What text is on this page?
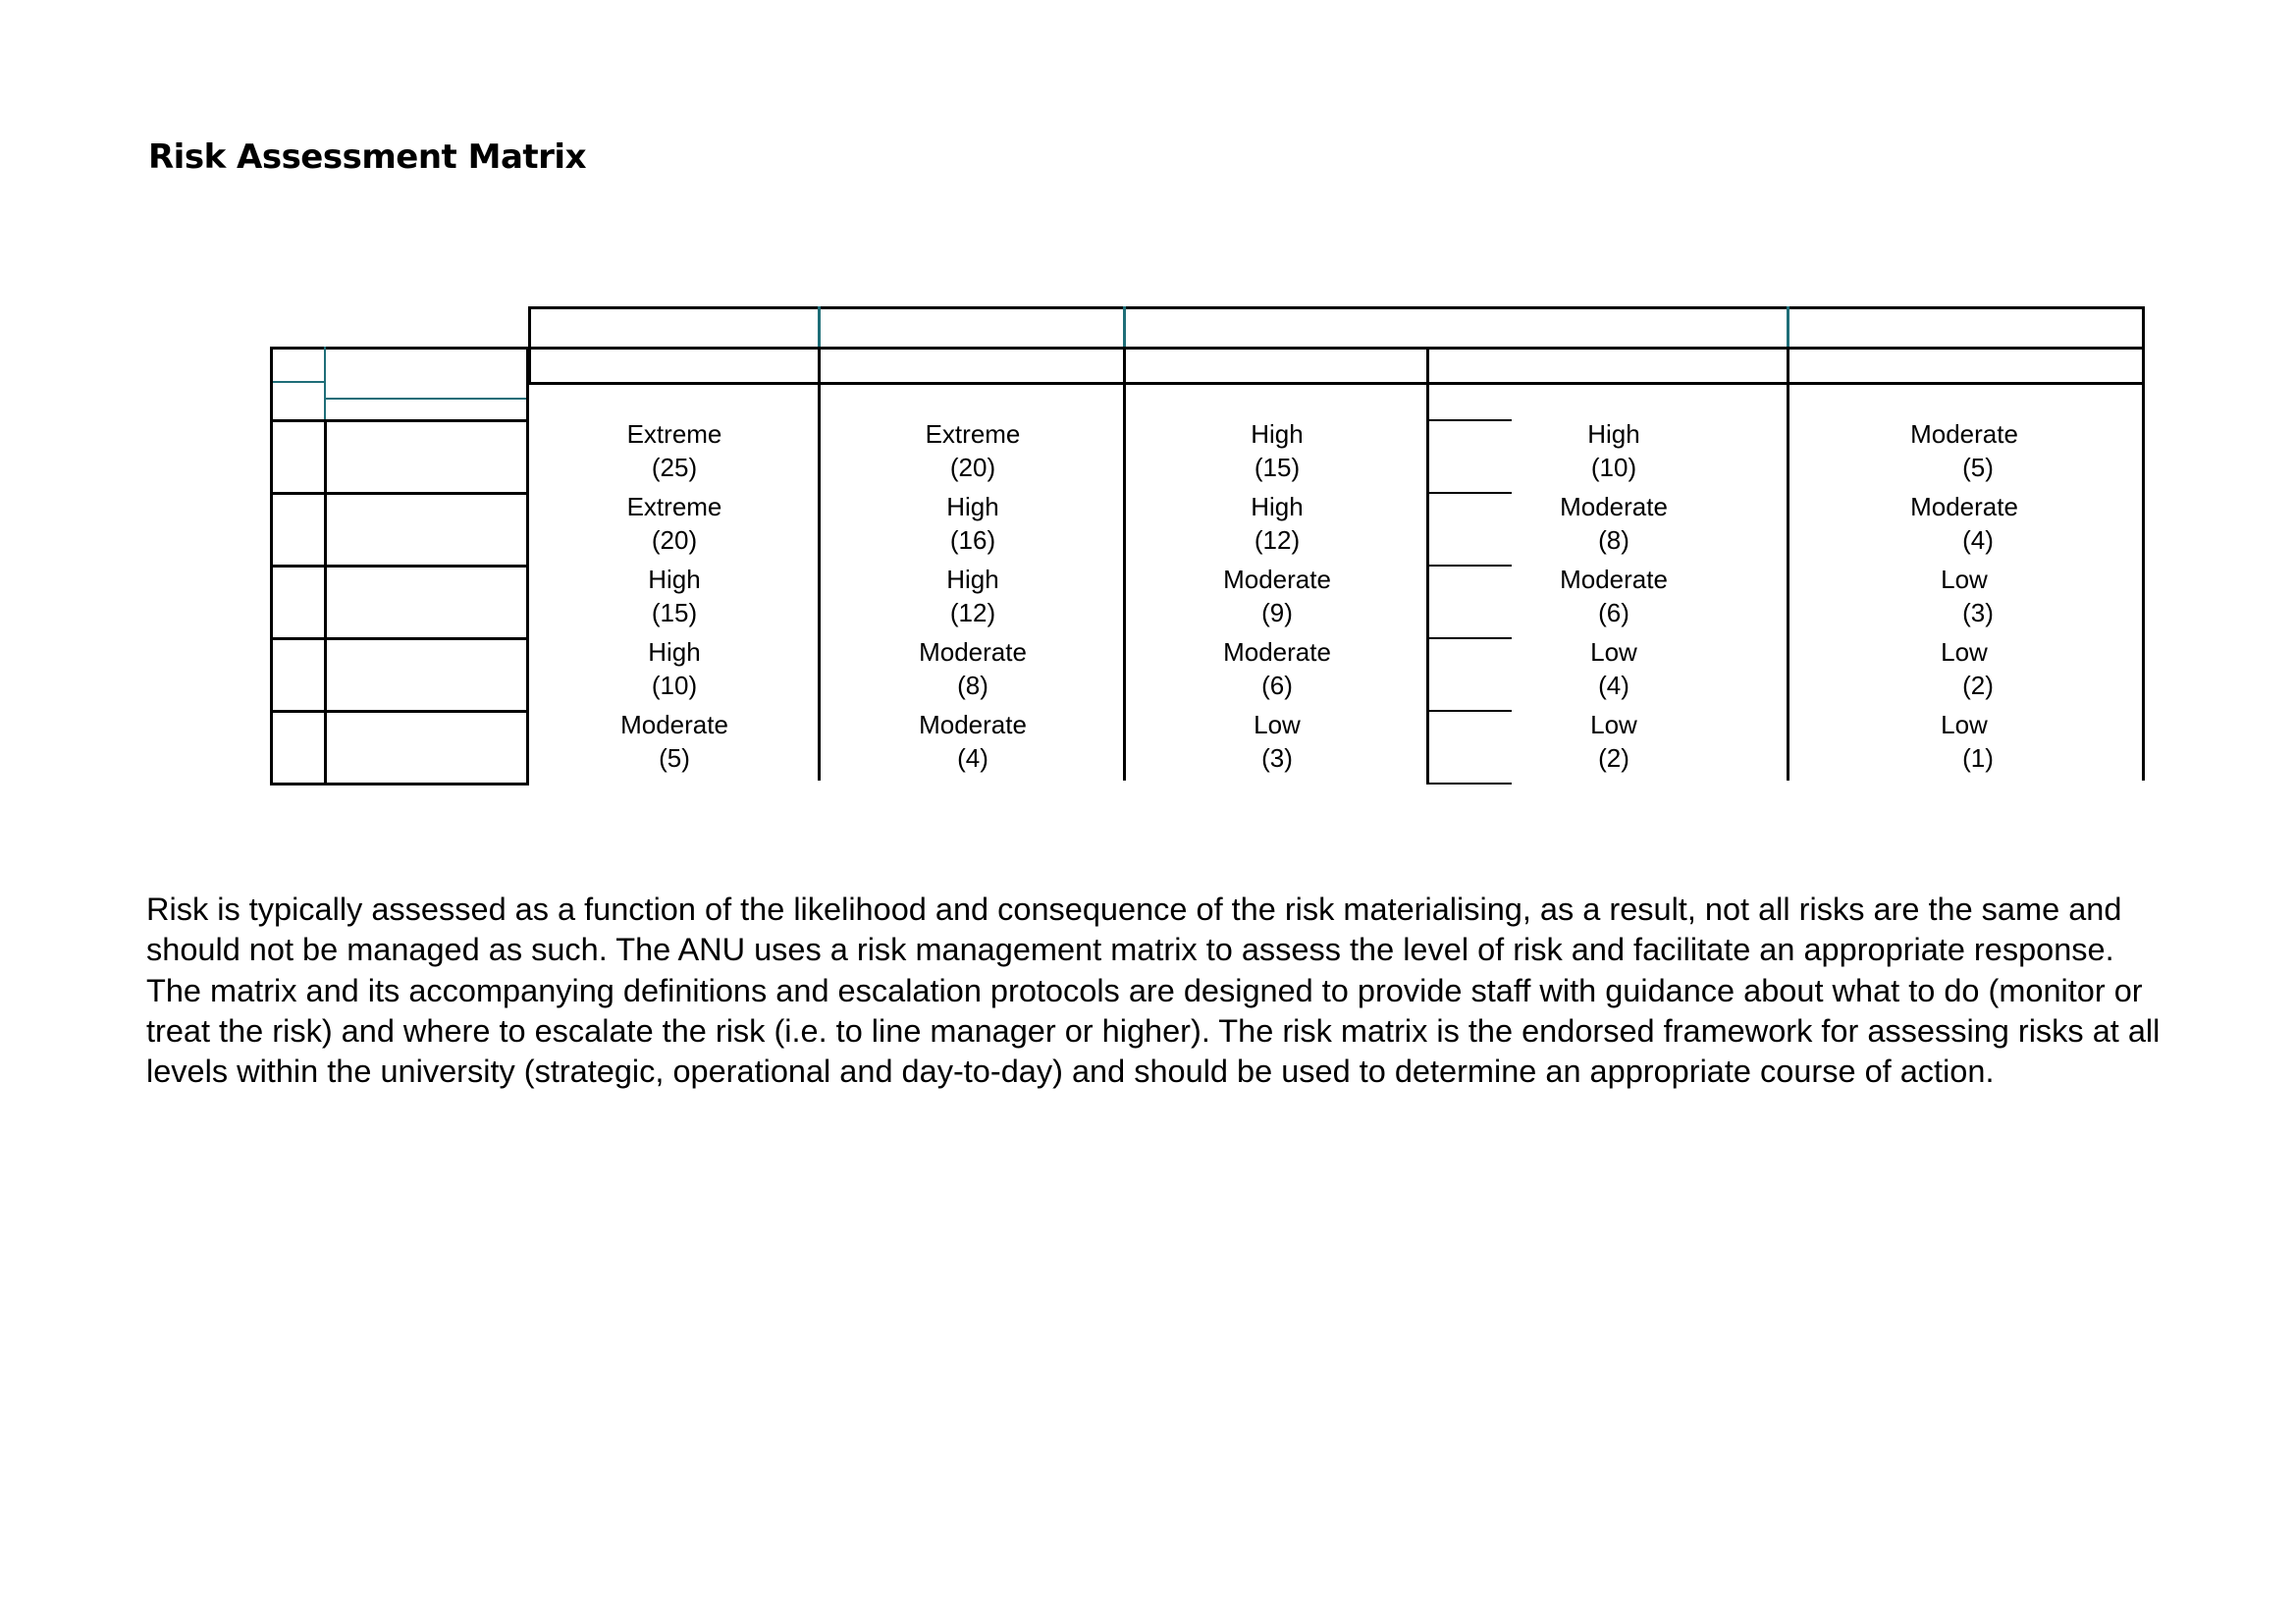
Risk Assessment Matrix
Extreme
(25)
Extreme
(20)
High
(15)
High
(10)
Moderate
(5)
Extreme
(20)
High
(16)
High
(12)
Moderate
(8)
Moderate
(4)
High
(15)
High
(12)
Moderate
(9)
Moderate
(6)
Low
(3)
High
(10)
Moderate
(8)
Moderate
(6)
Low
(4)
Low
(2)
Moderate
(5)
Moderate
(4)
Low
(3)
Low
(2)
Low
(1)

Risk is typically assessed as a function of the likelihood and consequence of the risk materialising, as a result, not all risks are the same and should not be managed as such. The ANU uses a risk management matrix to assess the level of risk and facilitate an appropriate response. The matrix and its accompanying definitions and escalation protocols are designed to provide staff with guidance about what to do (monitor or treat the risk) and where to escalate the risk (i.e. to line manager or higher). The risk matrix is the endorsed framework for assessing risks at all levels within the university (strategic, operational and day-to-day) and should be used to determine an appropriate course of action.
